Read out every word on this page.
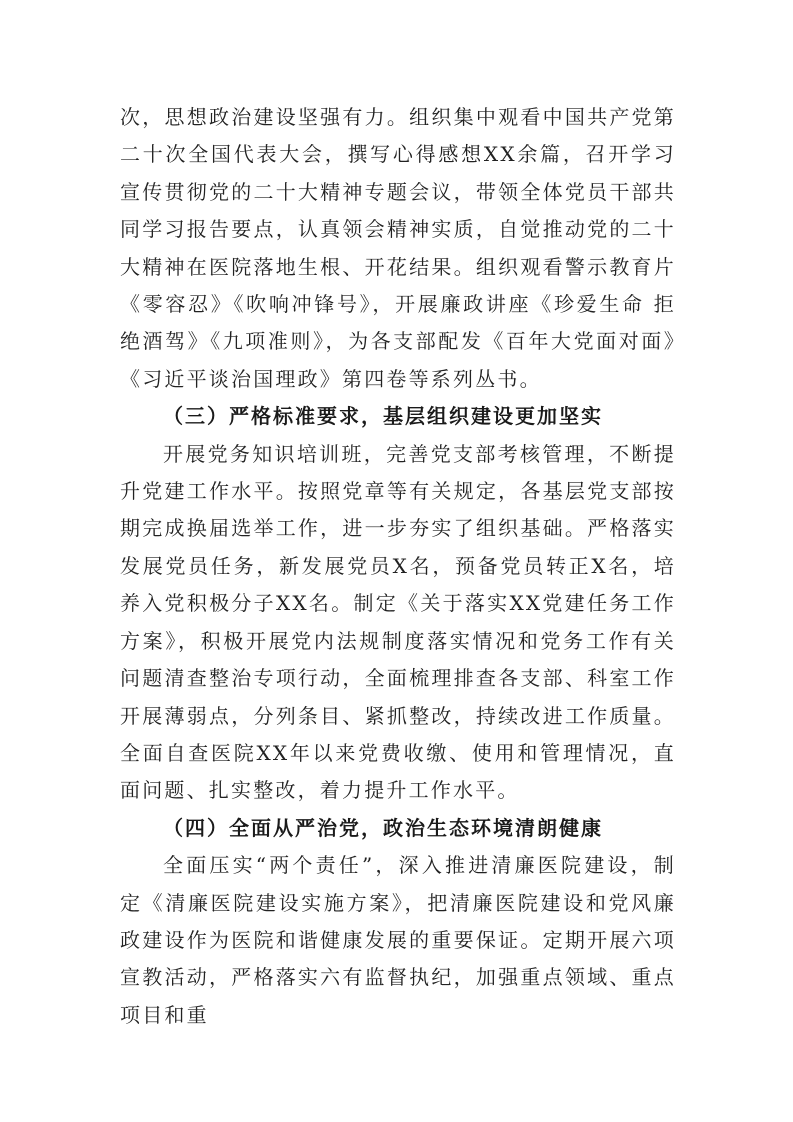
次，思想政治建设坚强有力。组织集中观看中国共产党第二十次全国代表大会，撰写心得感想XX余篇，召开学习宣传贯彻党的二十大精神专题会议，带领全体党员干部共同学习报告要点，认真领会精神实质，自觉推动党的二十大精神在医院落地生根、开花结果。组织观看警示教育片《零容忍》《吹响冲锋号》，开展廉政讲座《珍爱生命 拒绝酒驾》《九项准则》，为各支部配发《百年大党面对面》《习近平谈治国理政》第四卷等系列丛书。

（三）严格标准要求，基层组织建设更加坚实

开展党务知识培训班，完善党支部考核管理，不断提升党建工作水平。按照党章等有关规定，各基层党支部按期完成换届选举工作，进一步夯实了组织基础。严格落实发展党员任务，新发展党员X名，预备党员转正X名，培养入党积极分子XX名。制定《关于落实XX党建任务工作方案》，积极开展党内法规制度落实情况和党务工作有关问题清查整治专项行动，全面梳理排查各支部、科室工作开展薄弱点，分列条目、紧抓整改，持续改进工作质量。全面自查医院XX年以来党费收缴、使用和管理情况，直面问题、扎实整改，着力提升工作水平。

（四）全面从严治党，政治生态环境清朗健康

全面压实“两个责任”，深入推进清廉医院建设，制定《清廉医院建设实施方案》，把清廉医院建设和党风廉政建设作为医院和谐健康发展的重要保证。定期开展六项宣教活动，严格落实六有监督执纪，加强重点领域、重点项目和重
